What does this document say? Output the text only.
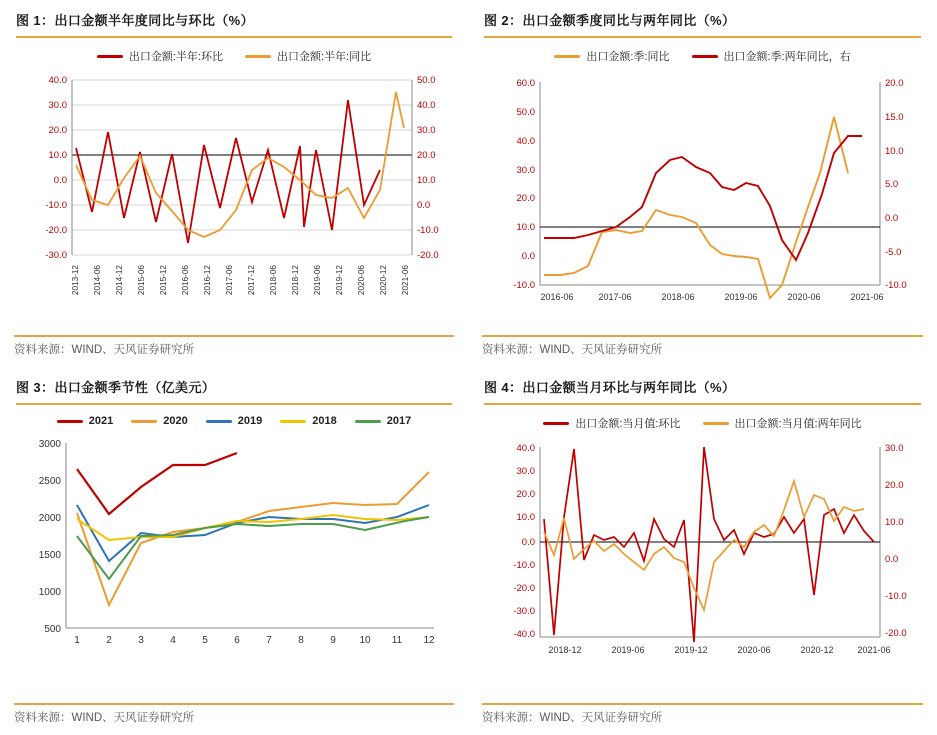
图 1：出口金额半年度同比与环比（%）
出口金额:半年:环比	出口金额:半年:同比
40.0
30.0
20.0
10.0
0.0
-10.0
-20.0
-30.0
50.0
40.0
30.0
20.0
10.0
0.0
-10.0
-20.0
2013-12 2014-06 2014-12 2015-06 2015-12 2016-06 2016-12 2017-06 2017-12 2018-06 2018-12 2019-06 2019-12 2020-06 2020-12 2021-06
资料来源：WIND、天风证券研究所
图 2：出口金额季度同比与两年同比（%）
出口金额:季:同比	出口金额:季:两年同比，右
60.0
50.0
40.0
30.0
20.0
10.0
0.0
-10.0
20.0
15.0
10.0
5.0
0.0
-5.0
-10.0
2016-06	2017-06	2018-06	2019-06	2020-06	2021-06
资料来源：WIND、天风证券研究所
图 3：出口金额季节性（亿美元）
2021	2020	2019	2018	2017
3000
2500
2000
1500
1000
500
1	2	3	4	5	6	7	8	9 10 11 12
资料来源：WIND、天风证券研究所
图 4：出口金额当月环比与两年同比（%）
出口金额:当月值:环比	出口金额:当月值:两年同比
40.0
30.0
20.0
10.0
0.0
-10.0
-20.0
-30.0
-40.0
30.0
20.0
10.0
0.0
-10.0
-20.0
2018-12	2019-06	2019-12	2020-06	2020-12	2021-06
资料来源：WIND、天风证券研究所
